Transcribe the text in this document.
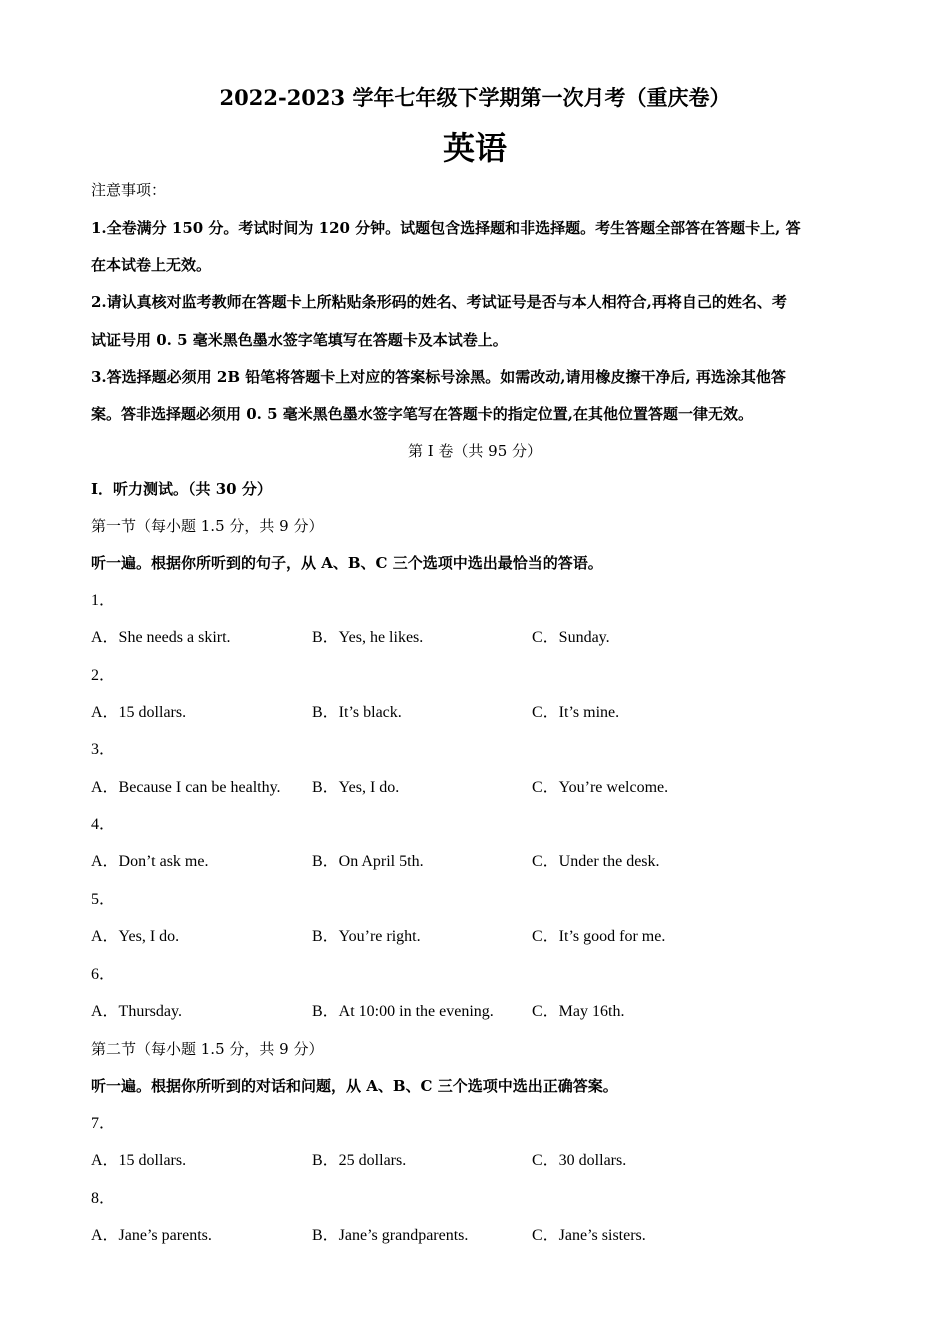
2022-2023 学年七年级下学期第一次月考（重庆卷）
英语
注意事项：
1.全卷满分 150 分。考试时间为 120 分钟。试题包含选择题和非选择题。考生答题全部答在答题卡上, 答
在本试卷上无效。
2.请认真核对监考教师在答题卡上所粘贴条形码的姓名、考试证号是否与本人相符合,再将自己的姓名、考
试证号用 0. 5 毫米黑色墨水签字笔填写在答题卡及本试卷上。
3.答选择题必须用 2B 铅笔将答题卡上对应的答案标号涂黑。如需改动,请用橡皮擦干净后, 再选涂其他答
案。答非选择题必须用 0. 5 毫米黑色墨水签字笔写在答题卡的指定位置,在其他位置答题一律无效。
第 I 卷（共 95 分）
Ⅰ．听力测试。（共 30 分）
第一节（每小题 1.5 分，共 9 分）
听一遍。根据你所听到的句子，从 A、B、C 三个选项中选出最恰当的答语。
1．
A．She needs a skirt.	B．Yes, he likes.	C．Sunday.
2．
A．15 dollars.	B．It’s black.	C．It’s mine.
3．
A．Because I can be healthy. B．Yes, I do.	C．You’re welcome.
4．
A．Don’t ask me.	B．On April 5th.	C．Under the desk.
5．
A．Yes, I do.	B．You’re right.	C．It’s good for me.
6．
A．Thursday.	B．At 10:00 in the evening. C．May 16th.
第二节（每小题 1.5 分，共 9 分）
听一遍。根据你所听到的对话和问题，从 A、B、C 三个选项中选出正确答案。
7．
A．15 dollars.	B．25 dollars.	C．30 dollars.
8．
A．Jane’s parents.	B．Jane’s grandparents.	C．Jane’s sisters.
